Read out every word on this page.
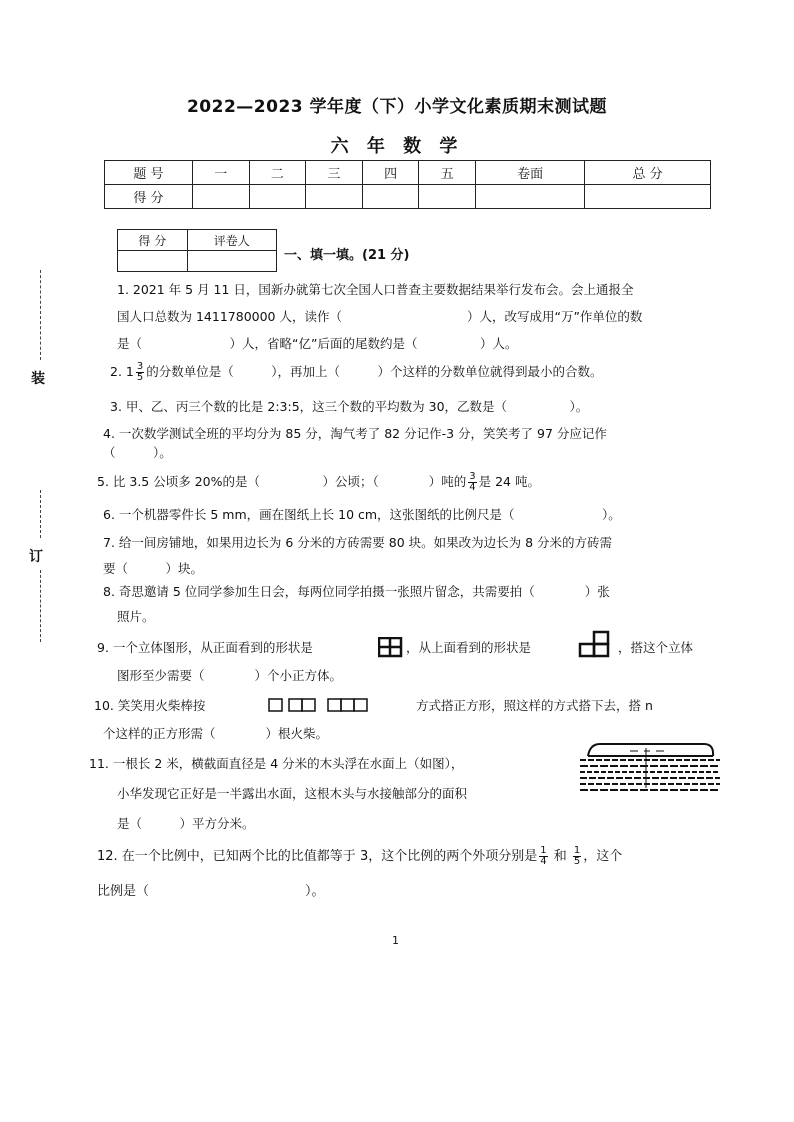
2022—2023 学年度（下）小学文化素质期末测试题
六 年 数 学
题 号	一	二	三	四	五	卷面	总 分
得 分							
得 分	评卷人

一、填一填。(21 分)
装
订
1. 2021 年 5 月 11 日，国新办就第七次全国人口普查主要数据结果举行发布会。会上通报全
国人口总数为 1411780000 人，读作（　　　　　　　　　　）人，改写成用“万”作单位的数
是（　　　　　　　）人，省略“亿”后面的尾数约是（　　　　　）人。
2. $1 \frac{3}{5}$ 的分数单位是（　　　），再加上（　　　）个这样的分数单位就得到最小的合数。
3. 甲、乙、丙三个数的比是 2:3:5，这三个数的平均数为 30，乙数是（　　　　　）。
4. 一次数学测试全班的平均分为 85 分，淘气考了 82 分记作-3 分，笑笑考了 97 分应记作
（　　　）。
5. 比 3.5 公顷多 20%的是（　　　　　）公顷；（　　　　）吨的 $\frac{3}{4}$ 是 24 吨。
6. 一个机器零件长 5 mm，画在图纸上长 10 cm，这张图纸的比例尺是（　　　　　　　）。
7. 给一间房铺地，如果用边长为 6 分米的方砖需要 80 块。如果改为边长为 8 分米的方砖需
要（　　　）块。
8. 奇思邀请 5 位同学参加生日会，每两位同学拍摄一张照片留念，共需要拍（　　　　）张
照片。
9. 一个立体图形，从正面看到的形状是	，从上面看到的形状是	，搭这个立体
图形至少需要（　　　　）个小正方体。
10. 笑笑用火柴棒按	方式搭正方形，照这样的方式搭下去，搭 n
个这样的正方形需（　　　　）根火柴。
11. 一根长 2 米，横截面直径是 4 分米的木头浮在水面上（如图），
小华发现它正好是一半露出水面，这根木头与水接触部分的面积
是（　　　）平方分米。
12. 在一个比例中，已知两个比的比值都等于 3，这个比例的两个外项分别是 $\frac{1}{4}$ 和 $\frac{1}{5}$ ，这个
比例是（　　　　　　　　　　　　）。
1
